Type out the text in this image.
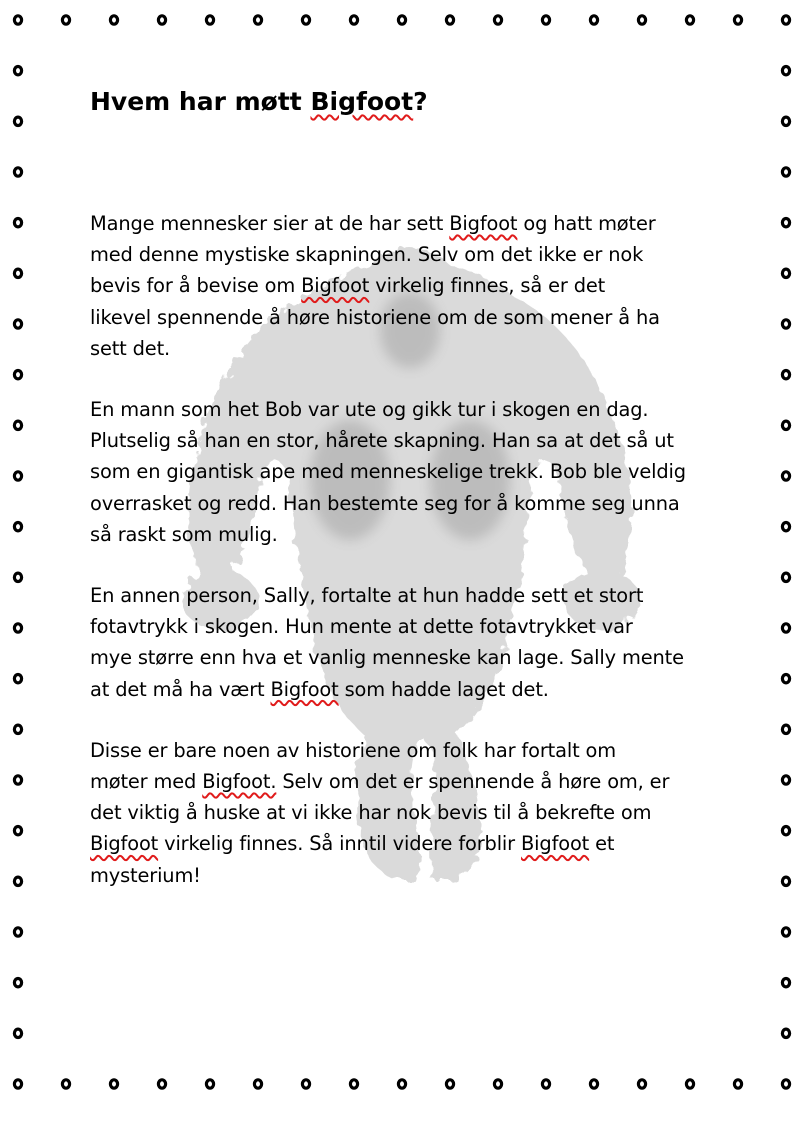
Hvem har møtt Bigfoot?

Mange mennesker sier at de har sett Bigfoot og hatt møter
med denne mystiske skapningen. Selv om det ikke er nok
bevis for å bevise om Bigfoot virkelig finnes, så er det
likevel spennende å høre historiene om de som mener å ha
sett det.

En mann som het Bob var ute og gikk tur i skogen en dag.
Plutselig så han en stor, hårete skapning. Han sa at det så ut
som en gigantisk ape med menneskelige trekk. Bob ble veldig
overrasket og redd. Han bestemte seg for å komme seg unna
så raskt som mulig.

En annen person, Sally, fortalte at hun hadde sett et stort
fotavtrykk i skogen. Hun mente at dette fotavtrykket var
mye større enn hva et vanlig menneske kan lage. Sally mente
at det må ha vært Bigfoot som hadde laget det.

Disse er bare noen av historiene om folk har fortalt om
møter med Bigfoot. Selv om det er spennende å høre om, er
det viktig å huske at vi ikke har nok bevis til å bekrefte om
Bigfoot virkelig finnes. Så inntil videre forblir Bigfoot et
mysterium!
